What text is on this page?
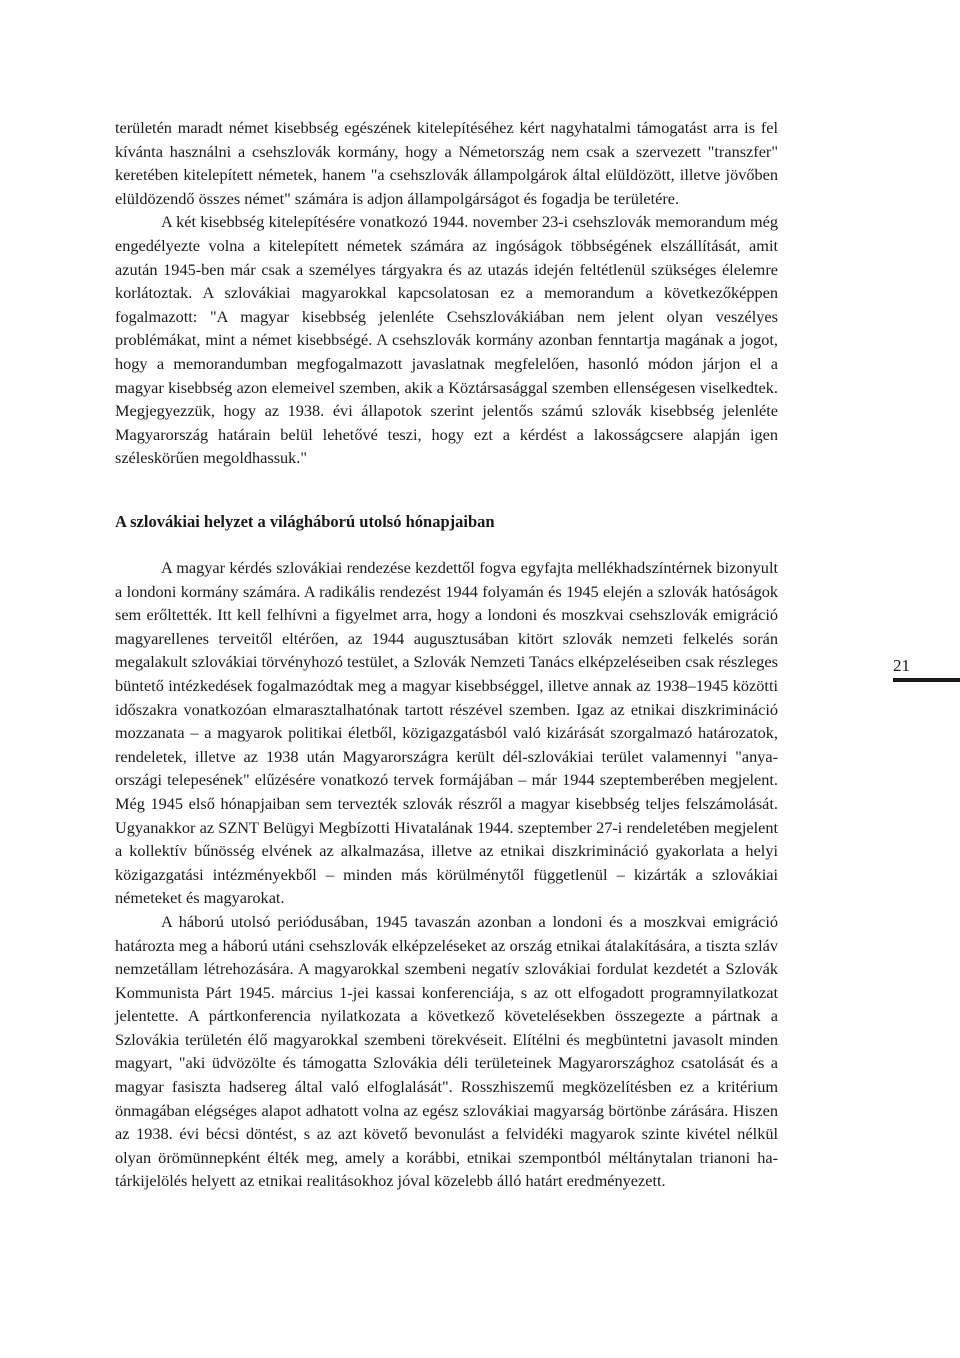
területén maradt német kisebbség egészének kitelepítéséhez kért nagyhatalmi támogatást arra is fel kívánta használni a csehszlovák kormány, hogy a Németország nem csak a szervezett "transzfer" keretében kitelepített németek, hanem "a csehszlovák állampolgárok által elüldözött, illetve jövőben elüldözendő összes német" számára is adjon állampolgárságot és fogadja be területére.

A két kisebbség kitelepítésére vonatkozó 1944. november 23-i csehszlovák memorandum még engedélyezte volna a kitelepített németek számára az ingóságok többségének elszállítását, amit azután 1945-ben már csak a személyes tárgyakra és az utazás idején feltétlenül szükséges élelemre korlátoztak. A szlovákiai magyarokkal kapcsolatosan ez a memorandum a következőképpen fogalmazott: "A magyar kisebbség jelenléte Csehszlovákiában nem jelent olyan veszélyes problémákat, mint a német kisebbségé. A csehszlovák kormány azonban fenntartja magának a jogot, hogy a memorandumban megfogalmazott javaslatnak megfelelően, hasonló módon járjon el a magyar kisebbség azon elemeivel szemben, akik a Köztársasággal szemben ellenségesen viselkedtek. Megjegyezzük, hogy az 1938. évi állapotok szerint jelentős számú szlovák kisebbség jelenléte Magyarország határain belül lehetővé teszi, hogy ezt a kérdést a lakosságcsere alapján igen széleskörűen megoldhassuk."

A szlovákiai helyzet a világháború utolsó hónapjaiban

A magyar kérdés szlovákiai rendezése kezdettől fogva egyfajta mellékhadszíntérnek bizonyult a londoni kormány számára. A radikális rendezést 1944 folyamán és 1945 elején a szlovák hatóságok sem erőltették. Itt kell felhívni a figyelmet arra, hogy a londoni és moszkvai csehszlovák emigráció magyarellenes terveitől eltérően, az 1944 augusztusában kitört szlovák nemzeti felkelés során megalakult szlovákiai törvényhozó testület, a Szlovák Nemzeti Tanács elképzeléseiben csak részleges büntető intézkedések fogalmazódtak meg a magyar kisebbséggel, illetve annak az 1938–1945 közötti időszakra vonatkozóan elmarasztalhatónak tartott részével szemben. Igaz az etnikai diszkrimináció mozzanata – a magyarok politikai életből, közigazgatásból való kizárását szorgalmazó határozatok, rendeletek, illetve az 1938 után Magyarországra került dél-szlovákiai terület valamennyi "anyaországi telepesének" elűzésére vonatkozó tervek formájában – már 1944 szeptemberében megjelent. Még 1945 első hónapjaiban sem tervezték szlovák részről a magyar kisebbség teljes felszámolását. Ugyanakkor az SZNT Belügyi Megbízotti Hivatalának 1944. szeptember 27-i rendeletében megjelent a kollektív bűnösség elvének az alkalmazása, illetve az etnikai diszkrimináció gyakorlata a helyi közigazgatási intézményekből – minden más körülménytől függetlenül – kizárták a szlovákiai németeket és magyarokat.

A háború utolsó periódusában, 1945 tavaszán azonban a londoni és a moszkvai emigráció határozta meg a háború utáni csehszlovák elképzeléseket az ország etnikai átalakítására, a tiszta szláv nemzetállam létrehozására. A magyarokkal szembeni negatív szlovákiai fordulat kezdetét a Szlovák Kommunista Párt 1945. március 1-jei kassai konferenciája, s az ott elfogadott programnyilatkozat jelentette. A pártkonferencia nyilatkozata a következő követelésekben összegezte a pártnak a Szlovákia területén élő magyarokkal szembeni törekvéseit. Elítélni és megbüntetni javasolt minden magyart, "aki üdvözölte és támogatta Szlovákia déli területeinek Magyarországhoz csatolását és a magyar fasiszta hadsereg által való elfoglalását". Rosszhiszemű megközelítésben ez a kritérium önmagában elégséges alapot adhatott volna az egész szlovákiai magyarság börtönbe zárására. Hiszen az 1938. évi bécsi döntést, s az azt követő bevonulást a felvidéki magyarok szinte kivétel nélkül olyan örömünnepként élték meg, amely a korábbi, etnikai szempontból méltánytalan trianoni határkijelölés helyett az etnikai realitásokhoz jóval közelebb álló határt eredményezett.

21
